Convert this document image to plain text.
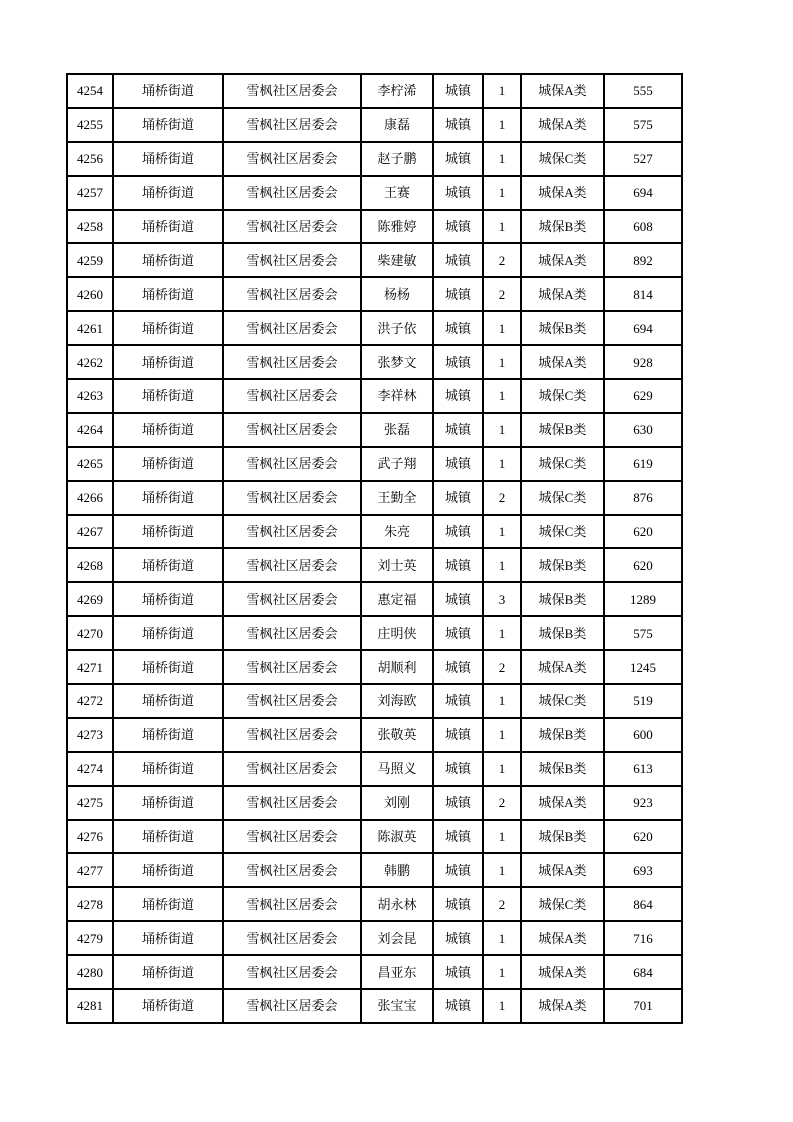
4254	埇桥街道	雪枫社区居委会	李柠浠	城镇	1	城保A类	555
4255	埇桥街道	雪枫社区居委会	康磊	城镇	1	城保A类	575
4256	埇桥街道	雪枫社区居委会	赵子鹏	城镇	1	城保C类	527
4257	埇桥街道	雪枫社区居委会	王赛	城镇	1	城保A类	694
4258	埇桥街道	雪枫社区居委会	陈雅婷	城镇	1	城保B类	608
4259	埇桥街道	雪枫社区居委会	柴建敏	城镇	2	城保A类	892
4260	埇桥街道	雪枫社区居委会	杨杨	城镇	2	城保A类	814
4261	埇桥街道	雪枫社区居委会	洪子依	城镇	1	城保B类	694
4262	埇桥街道	雪枫社区居委会	张梦文	城镇	1	城保A类	928
4263	埇桥街道	雪枫社区居委会	李祥林	城镇	1	城保C类	629
4264	埇桥街道	雪枫社区居委会	张磊	城镇	1	城保B类	630
4265	埇桥街道	雪枫社区居委会	武子翔	城镇	1	城保C类	619
4266	埇桥街道	雪枫社区居委会	王勤全	城镇	2	城保C类	876
4267	埇桥街道	雪枫社区居委会	朱亮	城镇	1	城保C类	620
4268	埇桥街道	雪枫社区居委会	刘士英	城镇	1	城保B类	620
4269	埇桥街道	雪枫社区居委会	惠定福	城镇	3	城保B类	1289
4270	埇桥街道	雪枫社区居委会	庄明侠	城镇	1	城保B类	575
4271	埇桥街道	雪枫社区居委会	胡顺利	城镇	2	城保A类	1245
4272	埇桥街道	雪枫社区居委会	刘海欧	城镇	1	城保C类	519
4273	埇桥街道	雪枫社区居委会	张敬英	城镇	1	城保B类	600
4274	埇桥街道	雪枫社区居委会	马照义	城镇	1	城保B类	613
4275	埇桥街道	雪枫社区居委会	刘刚	城镇	2	城保A类	923
4276	埇桥街道	雪枫社区居委会	陈淑英	城镇	1	城保B类	620
4277	埇桥街道	雪枫社区居委会	韩鹏	城镇	1	城保A类	693
4278	埇桥街道	雪枫社区居委会	胡永林	城镇	2	城保C类	864
4279	埇桥街道	雪枫社区居委会	刘会昆	城镇	1	城保A类	716
4280	埇桥街道	雪枫社区居委会	昌亚东	城镇	1	城保A类	684
4281	埇桥街道	雪枫社区居委会	张宝宝	城镇	1	城保A类	701
